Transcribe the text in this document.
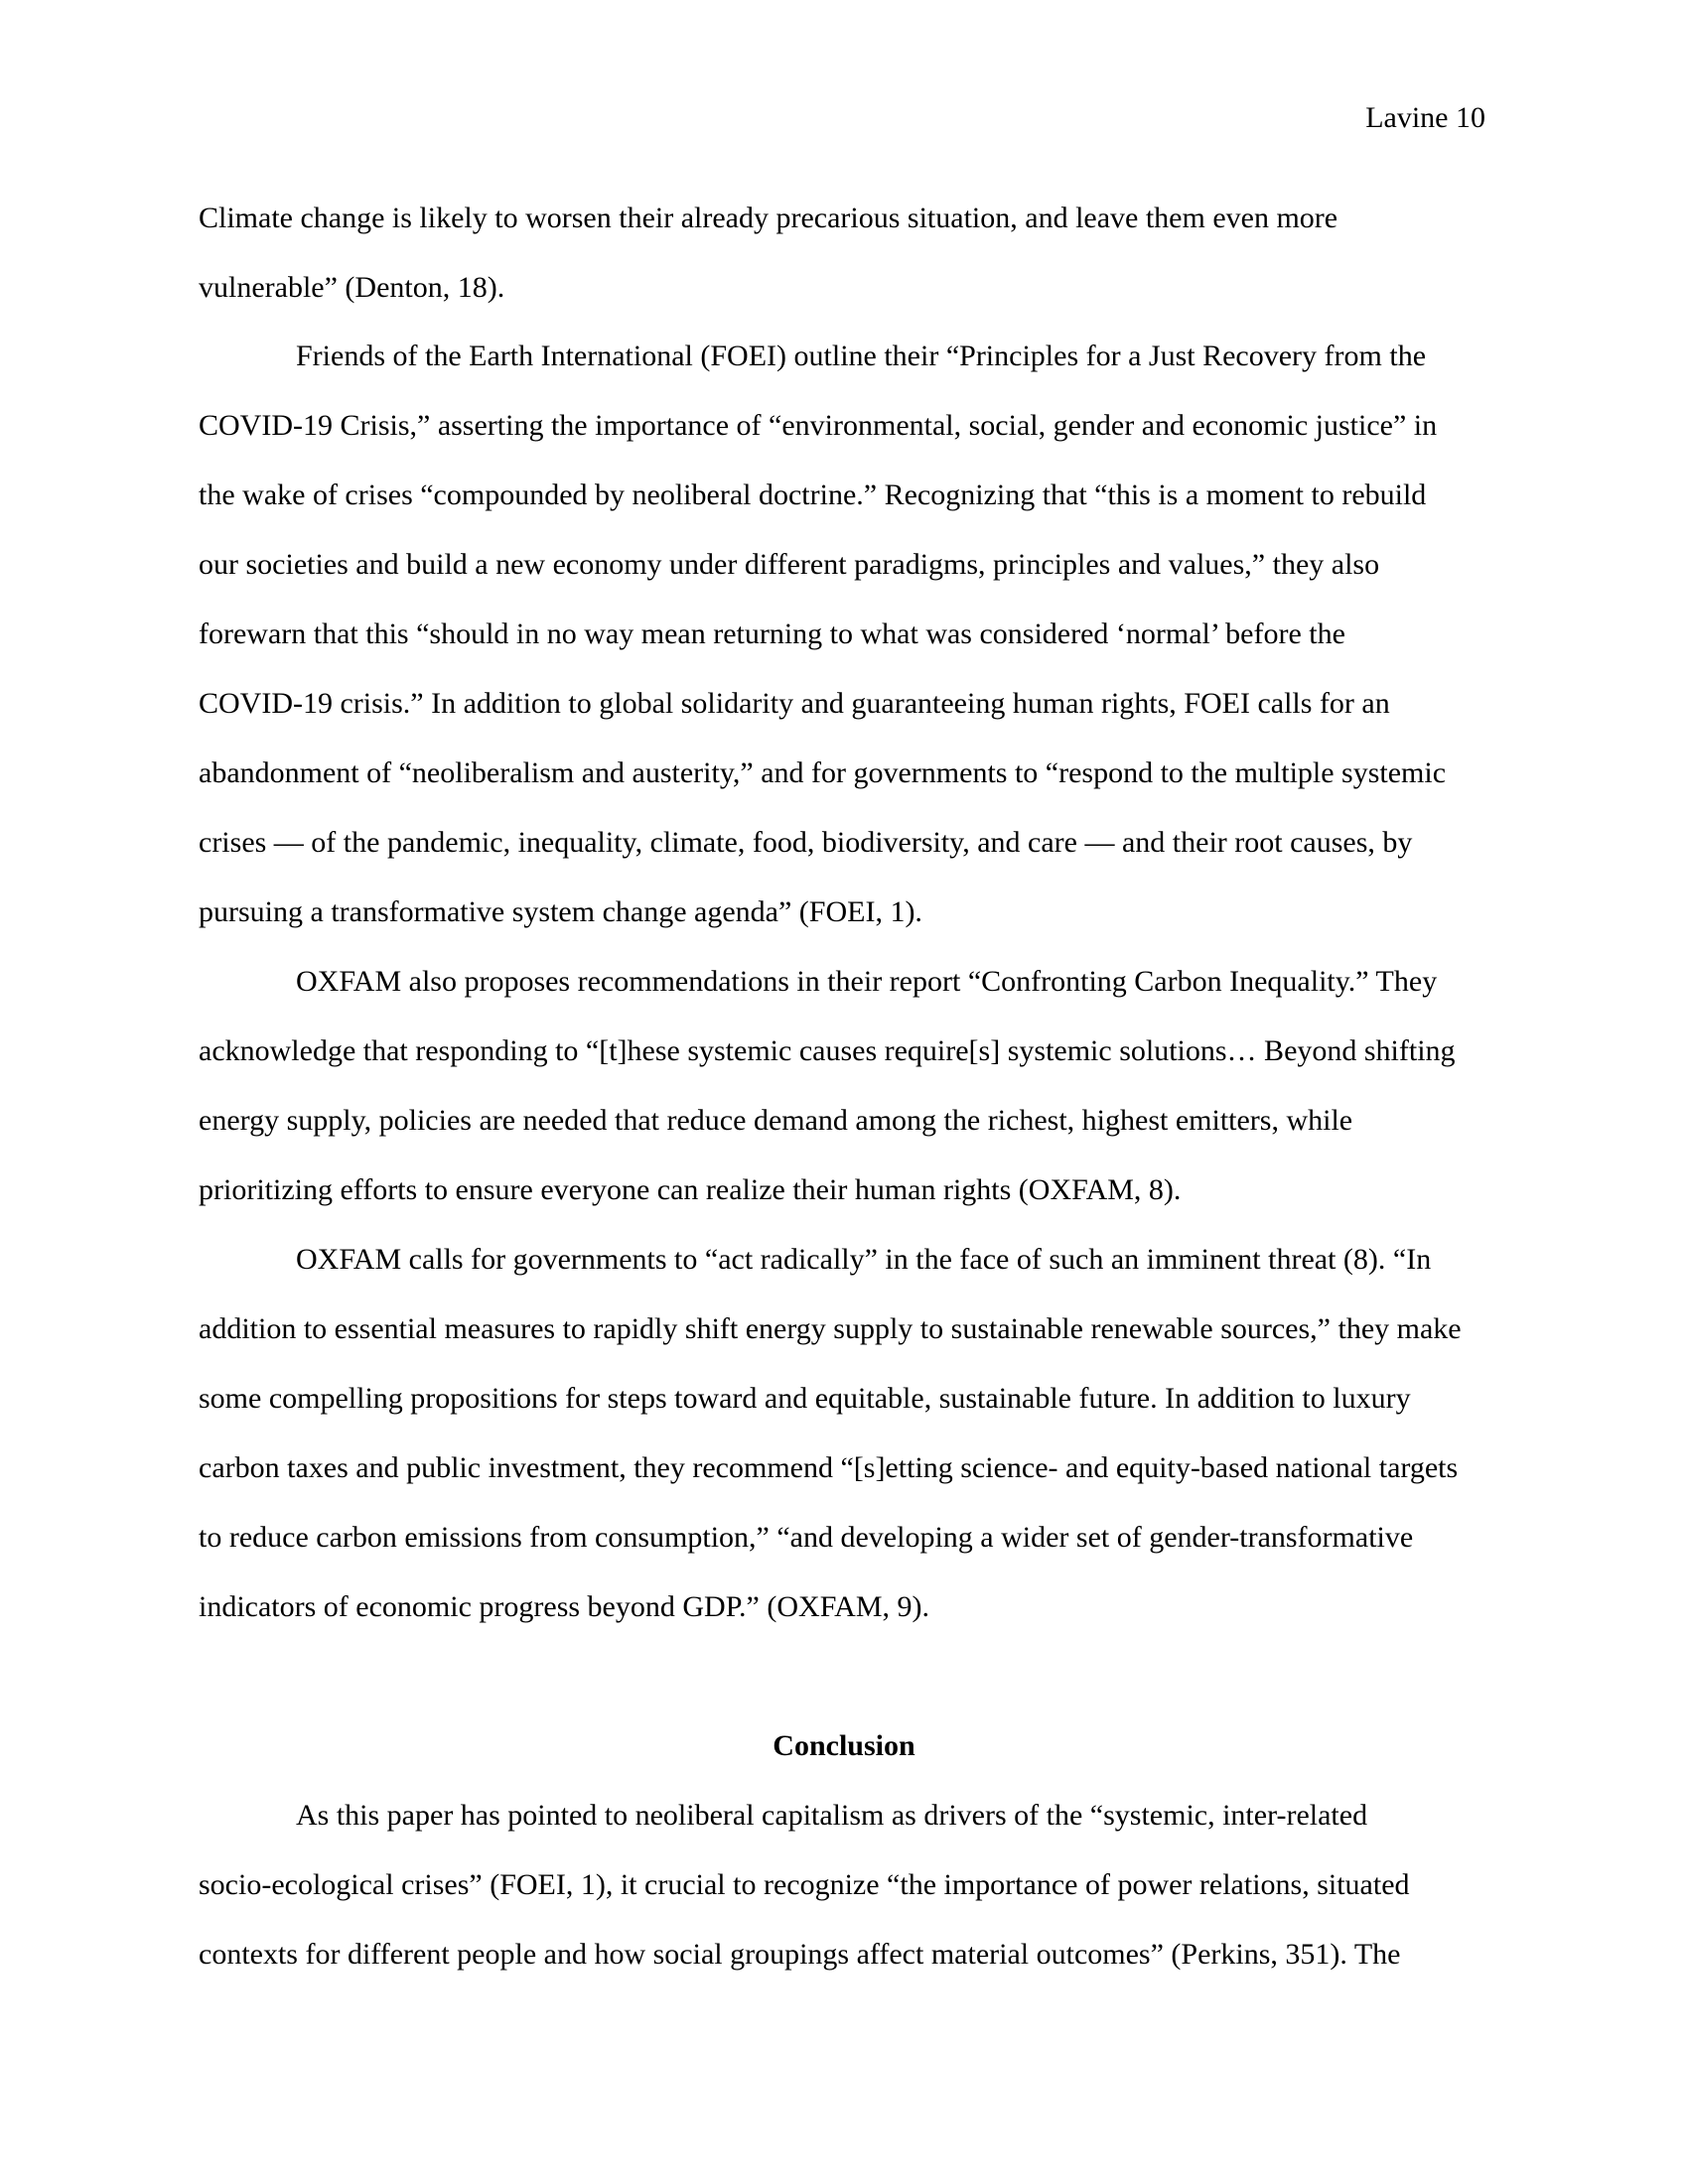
Lavine 10
Climate change is likely to worsen their already precarious situation, and leave them even more
vulnerable” (Denton, 18).
Friends of the Earth International (FOEI) outline their “Principles for a Just Recovery from the
COVID-19 Crisis,” asserting the importance of “environmental, social, gender and economic justice” in
the wake of crises “compounded by neoliberal doctrine.” Recognizing that “this is a moment to rebuild
our societies and build a new economy under different paradigms, principles and values,” they also
forewarn that this “should in no way mean returning to what was considered ‘normal’ before the
COVID-19 crisis.” In addition to global solidarity and guaranteeing human rights, FOEI calls for an
abandonment of “neoliberalism and austerity,” and for governments to “respond to the multiple systemic
crises — of the pandemic, inequality, climate, food, biodiversity, and care — and their root causes, by
pursuing a transformative system change agenda” (FOEI, 1).
OXFAM also proposes recommendations in their report “Confronting Carbon Inequality.” They
acknowledge that responding to “[t]hese systemic causes require[s] systemic solutions… Beyond shifting
energy supply, policies are needed that reduce demand among the richest, highest emitters, while
prioritizing efforts to ensure everyone can realize their human rights (OXFAM, 8).
OXFAM calls for governments to “act radically” in the face of such an imminent threat (8). “In
addition to essential measures to rapidly shift energy supply to sustainable renewable sources,” they make
some compelling propositions for steps toward and equitable, sustainable future. In addition to luxury
carbon taxes and public investment, they recommend “[s]etting science- and equity-based national targets
to reduce carbon emissions from consumption,” “and developing a wider set of gender-transformative
indicators of economic progress beyond GDP.” (OXFAM, 9).
Conclusion
As this paper has pointed to neoliberal capitalism as drivers of the “systemic, inter-related
socio-ecological crises” (FOEI, 1), it crucial to recognize “the importance of power relations, situated
contexts for different people and how social groupings affect material outcomes” (Perkins, 351). The
